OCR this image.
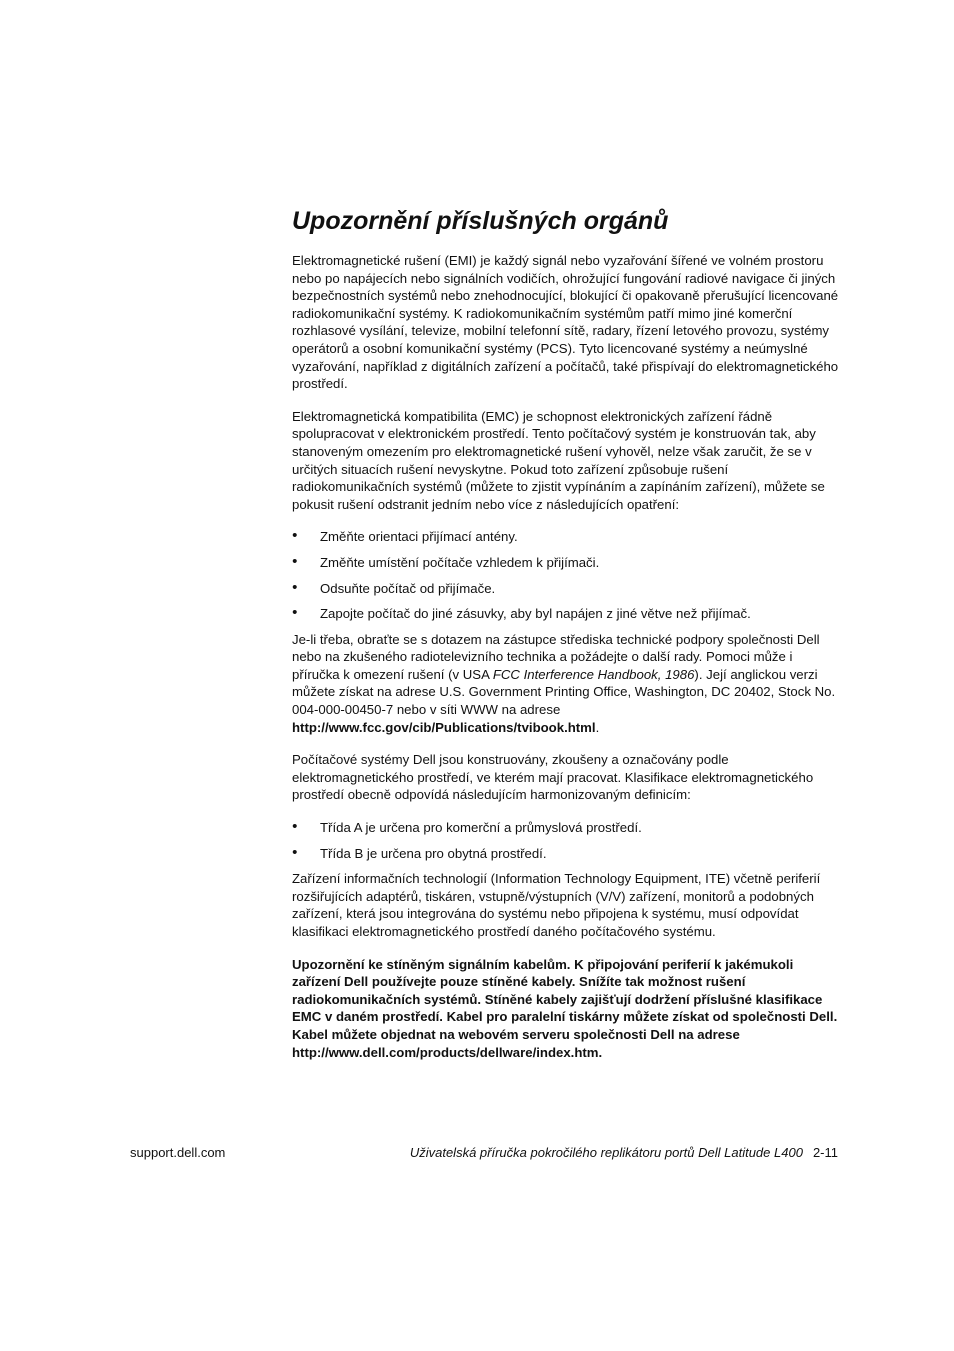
Upozornění příslušných orgánů

Elektromagnetické rušení (EMI) je každý signál nebo vyzařování šířené ve volném prostoru nebo po napájecích nebo signálních vodičích, ohrožující fungování radiové navigace či jiných bezpečnostních systémů nebo znehodnocující, blokující či opakovaně přerušující licencované radiokomunikační systémy. K radiokomunikačním systémům patří mimo jiné komerční rozhlasové vysílání, televize, mobilní telefonní sítě, radary, řízení letového provozu, systémy operátorů a osobní komunikační systémy (PCS). Tyto licencované systémy a neúmyslné vyzařování, například z digitálních zařízení a počítačů, také přispívají do elektromagnetického prostředí.

Elektromagnetická kompatibilita (EMC) je schopnost elektronických zařízení řádně spolupracovat v elektronickém prostředí. Tento počítačový systém je konstruován tak, aby stanoveným omezením pro elektromagnetické rušení vyhověl, nelze však zaručit, že se v určitých situacích rušení nevyskytne. Pokud toto zařízení způsobuje rušení radiokomunikačních systémů (můžete to zjistit vypínáním a zapínáním zařízení), můžete se pokusit rušení odstranit jedním nebo více z následujících opatření:

• Změňte orientaci přijímací antény.
• Změňte umístění počítače vzhledem k přijímači.
• Odsuňte počítač od přijímače.
• Zapojte počítač do jiné zásuvky, aby byl napájen z jiné větve než přijímač.

Je-li třeba, obraťte se s dotazem na zástupce střediska technické podpory společnosti Dell nebo na zkušeného radiotelevizního technika a požádejte o další rady. Pomoci může i příručka k omezení rušení (v USA FCC Interference Handbook, 1986). Její anglickou verzi můžete získat na adrese U.S. Government Printing Office, Washington, DC 20402, Stock No. 004-000-00450-7 nebo v síti WWW na adrese http://www.fcc.gov/cib/Publications/tvibook.html.

Počítačové systémy Dell jsou konstruovány, zkoušeny a označovány podle elektromagnetického prostředí, ve kterém mají pracovat. Klasifikace elektromagnetického prostředí obecně odpovídá následujícím harmonizovaným definicím:

• Třída A je určena pro komerční a průmyslová prostředí.
• Třída B je určena pro obytná prostředí.

Zařízení informačních technologií (Information Technology Equipment, ITE) včetně periferií rozšiřujících adaptérů, tiskáren, vstupně/výstupních (V/V) zařízení, monitorů a podobných zařízení, která jsou integrována do systému nebo připojena k systému, musí odpovídat klasifikaci elektromagnetického prostředí daného počítačového systému.

Upozornění ke stíněným signálním kabelům. K připojování periferií k jakémukoli zařízení Dell používejte pouze stíněné kabely. Snížíte tak možnost rušení radiokomunikačních systémů. Stíněné kabely zajišťují dodržení příslušné klasifikace EMC v daném prostředí. Kabel pro paralelní tiskárny můžete získat od společnosti Dell. Kabel můžete objednat na webovém serveru společnosti Dell na adrese http://www.dell.com/products/dellware/index.htm.

support.dell.com	Uživatelská příručka pokročilého replikátoru portů Dell Latitude L400 2-11
